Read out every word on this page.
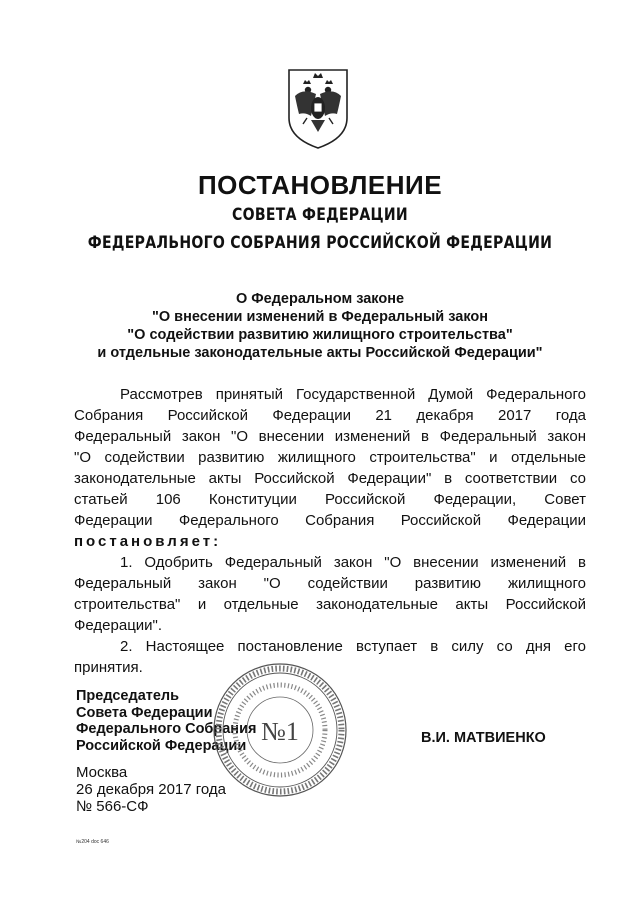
ПОСТАНОВЛЕНИЕ
СОВЕТА ФЕДЕРАЦИИ
ФЕДЕРАЛЬНОГО СОБРАНИЯ РОССИЙСКОЙ ФЕДЕРАЦИИ
О Федеральном законе
"О внесении изменений в Федеральный закон
"О содействии развитию жилищного строительства"
и отдельные законодательные акты Российской Федерации"
Рассмотрев принятый Государственной Думой Федерального
Собрания Российской Федерации 21 декабря 2017 года
Федеральный закон "О внесении изменений в Федеральный закон
"О содействии развитию жилищного строительства" и отдельные
законодательные акты Российской Федерации" в соответствии со
статьей 106 Конституции Российской Федерации, Совет
Федерации Федерального Собрания Российской Федерации
постановляет:
1. Одобрить Федеральный закон "О внесении изменений в
Федеральный закон "О содействии развитию жилищного
строительства" и отдельные законодательные акты Российской
Федерации".
2. Настоящее постановление вступает в силу со дня его
принятия.
Председатель
Совета Федерации
Федерального Собрания
Российской Федерации №1	В.И. МАТВИЕНКО
Москва
26 декабря 2017 года
№ 566-СФ
№204 doc 646
